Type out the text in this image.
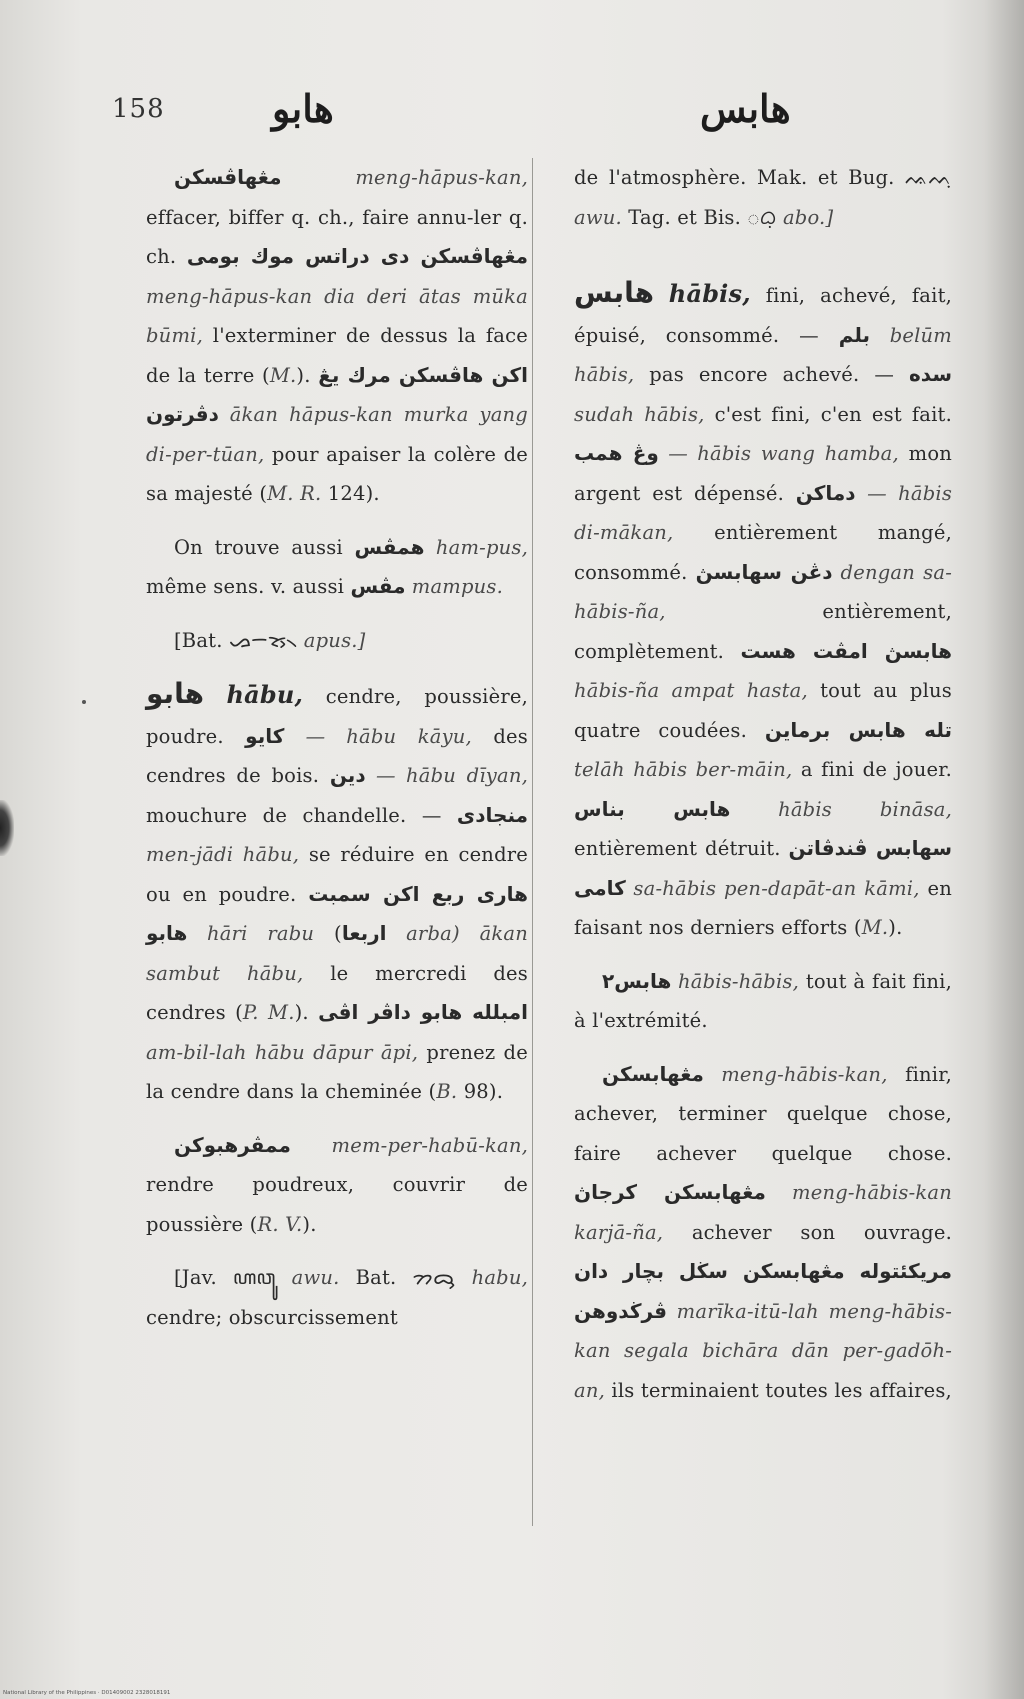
158	هابو	هابس

مڠهاڤسكن	meng-hāpus-kan, effacer, biffer q. ch., faire annu-ler q. ch. مڠهاڤسكن دى دراتس موك بومى meng-hāpus-kan dia deri ātas mūka būmi, l'exterminer de dessus la face de la terre (M.). اكن هاڤسكن مرك يڠ دڤرتون ākan hāpus-kan murka yang di-per-tūan, pour apaiser la colère de sa majesté (M. R. 124).

On trouve aussi همڤس ham-pus, même sens. v. aussi مڤس mampus.

[Bat. ᯀᯇᯮᯘ᯲ apus.]

هابو hābu, cendre, poussière, poudre. كايو — hābu kāyu, des cendres de bois. دين — hābu dīyan, mouchure de chandelle. — منجادى men-jādi hābu, se réduire en cendre ou en poudre. هارى ربع اكن سمبت هابو hāri rabu (اربعا arba) ākan sambut hābu, le mercredi des cendres (P. M.). امبلله هابو داڤر اڤى am-bil-lah hābu dāpur āpi, prenez de la cendre dans la cheminée (B. 98).

ممڤرهبوكن mem-per-habū-kan, rendre poudreux, couvrir de poussière (R. V.).

[Jav. ꦲꦮꦸ awu. Bat. ᯂᯅᯮ habu, cendre; obscurcissement

de l'atmosphère. Mak. et Bug. ᨕᨓᨘ awu. Tag. et Bis. ᜀᜊᜓ abo.]

هابس hābis, fini, achevé, fait, épuisé, consommé. — بلم belūm hābis, pas encore achevé. — سده sudah hābis, c'est fini, c'en est fait. وڠ همب — hābis wang hamba, mon argent est dépensé. دماكن — hābis di-mākan, entièrement mangé, consommé. دڠن سهابسڽ dengan sa-hābis-ña,	entièrement, complètement. هابسڽ امڤت هست hābis-ña ampat hasta, tout au plus quatre coudées. تله هابس برماين telāh hābis ber-māin, a fini de jouer. هابس بناس hābis bināsa, entièrement détruit. سهابس ڤندڤاتن كامى sa-hābis pen-dapāt-an kāmi, en faisant nos derniers efforts (M.).

هابس٢ hābis-hābis, tout à fait fini, à l'extrémité.

مڠهابسكن meng-hābis-kan, finir, achever, terminer quelque chose, faire achever quelque chose. مڠهابسكن كرجاڽ meng-hābis-kan karjā-ña, achever son ouvrage. مريكئتوله مڠهابسكن سڬل بچار دان ڤرڬدوهن marīka-itū-lah meng-hābis-kan segala bichāra dān per-gadōh-an, ils terminaient toutes les affaires,

National Library of the Philippines · D01409002 2328018191
